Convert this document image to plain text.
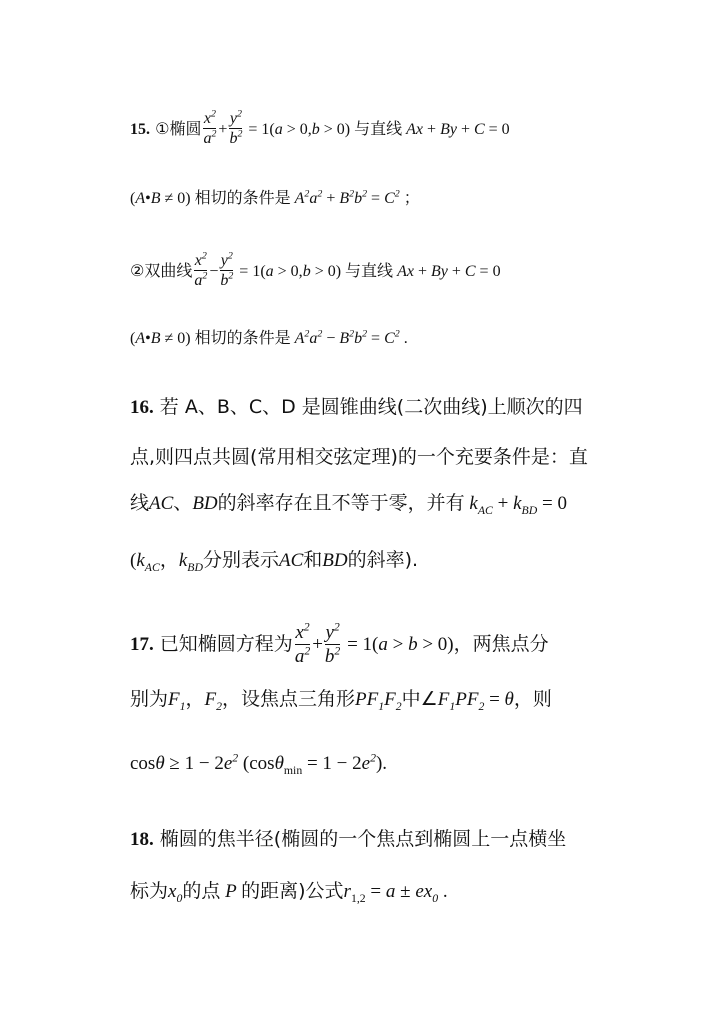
15. ①椭圆 $\frac{x^2}{a^2} + \frac{y^2}{b^2} = 1(a > 0,b > 0)$ 与直线 Ax + By + C = 0
(A•B ≠ 0) 相切的条件是 $A^2a^2 + B^2b^2 = C^2$ ；
②双曲线 $\frac{x^2}{a^2} - \frac{y^2}{b^2} = 1(a > 0,b > 0)$ 与直线 Ax + By + C = 0
(A•B ≠ 0) 相切的条件是 $A^2a^2 - B^2b^2 = C^2$ .
16. 若 A、B、C、D 是圆锥曲线(二次曲线)上顺次的四
点,则四点共圆(常用相交弦定理)的一个充要条件是：直
线AC、BD的斜率存在且不等于零，并有 $k_{AC} + k_{BD} = 0$
($k_{AC}$，$k_{BD}$分别表示AC和BD的斜率).
17. 已知椭圆方程为 $\frac{x^2}{a^2} + \frac{y^2}{b^2} = 1(a > b > 0)$，两焦点分
别为$F_1$，$F_2$，设焦点三角形$PF_1F_2$中$\angle F_1PF_2 = \theta$，则
$\cos\theta \ge 1 - 2e^2$ $(\cos\theta_{min} = 1 - 2e^2)$.
18. 椭圆的焦半径(椭圆的一个焦点到椭圆上一点横坐
标为$x_0$的点 P 的距离)公式$r_{1,2} = a \pm ex_0$ .
